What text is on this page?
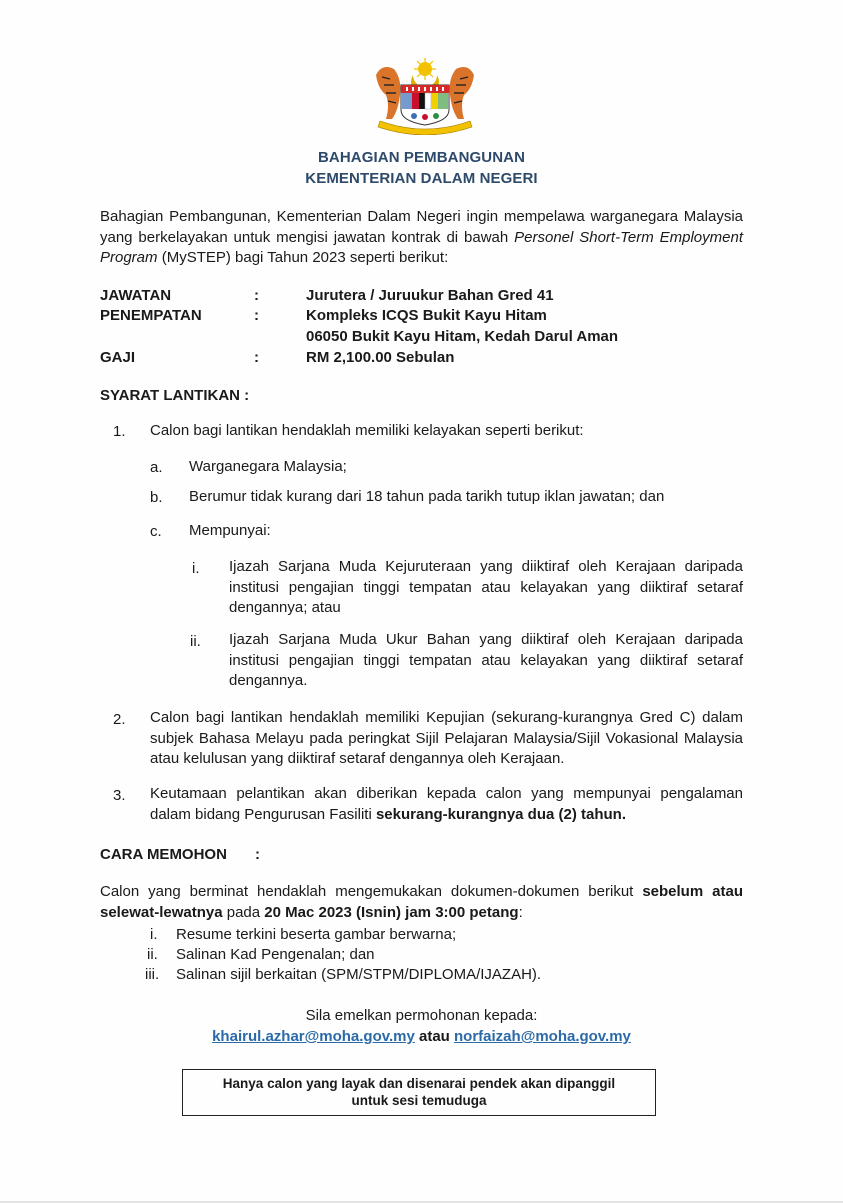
BAHAGIAN PEMBANGUNAN
KEMENTERIAN DALAM NEGERI
Bahagian Pembangunan, Kementerian Dalam Negeri ingin mempelawa warganegara Malaysia yang berkelayakan untuk mengisi jawatan kontrak di bawah Personel Short-Term Employment Program (MySTEP) bagi Tahun 2023 seperti berikut:
JAWATAN	:	Jurutera / Juruukur Bahan Gred 41
PENEMPATAN	:	Kompleks ICQS Bukit Kayu Hitam
06050 Bukit Kayu Hitam, Kedah Darul Aman
GAJI	:	RM 2,100.00 Sebulan
SYARAT LANTIKAN :
1. Calon bagi lantikan hendaklah memiliki kelayakan seperti berikut:
a. Warganegara Malaysia;
b. Berumur tidak kurang dari 18 tahun pada tarikh tutup iklan jawatan; dan
c. Mempunyai:
i. Ijazah Sarjana Muda Kejuruteraan yang diiktiraf oleh Kerajaan daripada institusi pengajian tinggi tempatan atau kelayakan yang diiktiraf setaraf dengannya; atau
ii. Ijazah Sarjana Muda Ukur Bahan yang diiktiraf oleh Kerajaan daripada institusi pengajian tinggi tempatan atau kelayakan yang diiktiraf setaraf dengannya.
2. Calon bagi lantikan hendaklah memiliki Kepujian (sekurang-kurangnya Gred C) dalam subjek Bahasa Melayu pada peringkat Sijil Pelajaran Malaysia/Sijil Vokasional Malaysia atau kelulusan yang diiktiraf setaraf dengannya oleh Kerajaan.
3. Keutamaan pelantikan akan diberikan kepada calon yang mempunyai pengalaman dalam bidang Pengurusan Fasiliti sekurang-kurangnya dua (2) tahun.
CARA MEMOHON :
Calon yang berminat hendaklah mengemukakan dokumen-dokumen berikut sebelum atau selewat-lewatnya pada 20 Mac 2023 (Isnin) jam 3:00 petang:
i. Resume terkini beserta gambar berwarna;
ii. Salinan Kad Pengenalan; dan
iii. Salinan sijil berkaitan (SPM/STPM/DIPLOMA/IJAZAH).
Sila emelkan permohonan kepada:
khairul.azhar@moha.gov.my atau norfaizah@moha.gov.my
Hanya calon yang layak dan disenarai pendek akan dipanggil
untuk sesi temuduga
